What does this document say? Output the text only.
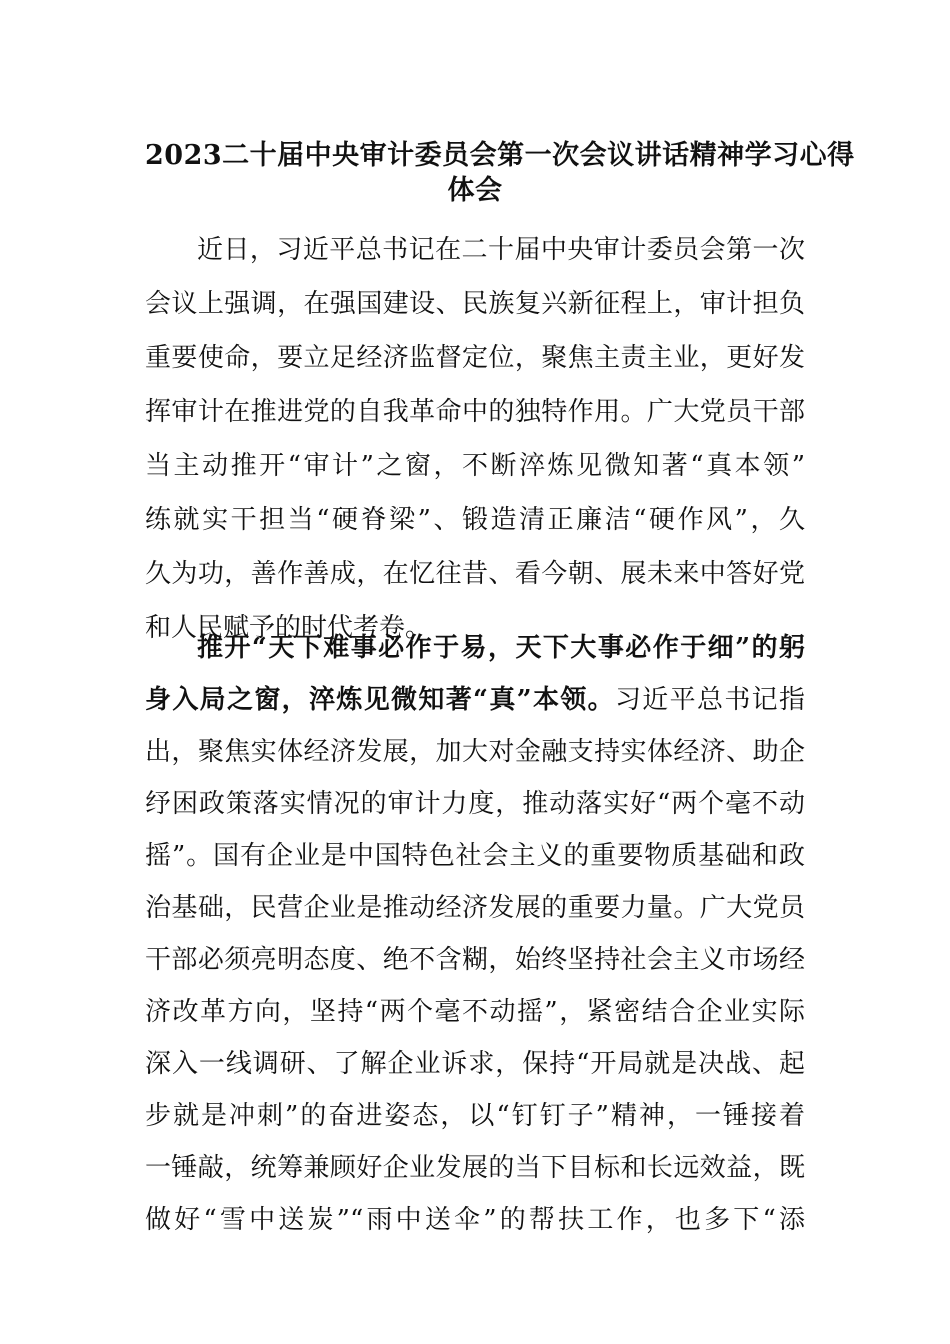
2023二十届中央审计委员会第一次会议讲话精神学习心得
体会
近日，习近平总书记在二十届中央审计委员会第一次
会议上强调，在强国建设、民族复兴新征程上，审计担负
重要使命，要立足经济监督定位，聚焦主责主业，更好发
挥审计在推进党的自我革命中的独特作用。广大党员干部
当主动推开“审计”之窗，不断淬炼见微知著“真本领”
练就实干担当“硬脊梁”、锻造清正廉洁“硬作风”，久
久为功，善作善成，在忆往昔、看今朝、展未来中答好党
和人民赋予的时代考卷。
推开“天下难事必作于易，天下大事必作于细”的躬
身入局之窗，淬炼见微知著“真”本领。习近平总书记指
出，聚焦实体经济发展，加大对金融支持实体经济、助企
纾困政策落实情况的审计力度，推动落实好“两个毫不动
摇”。国有企业是中国特色社会主义的重要物质基础和政
治基础，民营企业是推动经济发展的重要力量。广大党员
干部必须亮明态度、绝不含糊，始终坚持社会主义市场经
济改革方向，坚持“两个毫不动摇”，紧密结合企业实际
深入一线调研、了解企业诉求，保持“开局就是决战、起
步就是冲刺”的奋进姿态，以“钉钉子”精神，一锤接着
一锤敲，统筹兼顾好企业发展的当下目标和长远效益，既
做好“雪中送炭”“雨中送伞”的帮扶工作，也多下“添
